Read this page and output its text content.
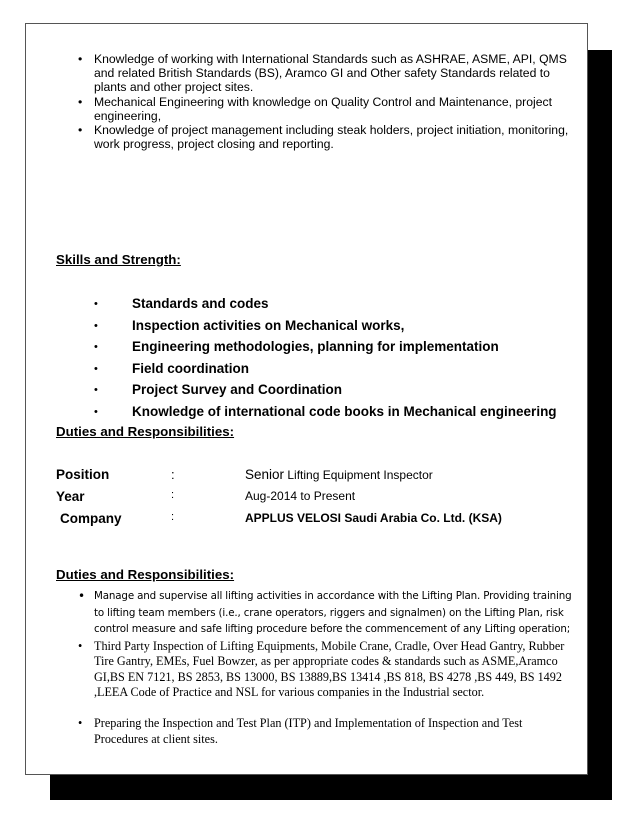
• Knowledge of working with International Standards such as ASHRAE, ASME, API, QMS and related British Standards (BS), Aramco GI and Other safety Standards related to plants and other project sites.
• Mechanical Engineering with knowledge on Quality Control and Maintenance, project engineering,
• Knowledge of project management including steak holders, project initiation, monitoring, work progress, project closing and reporting.
Skills and Strength:
•	Standards and codes
•	Inspection activities on Mechanical works,
•	Engineering methodologies, planning for implementation
•	Field coordination
•	Project Survey and Coordination
•	Knowledge of international code books in Mechanical engineering
Duties and Responsibilities:
Position	:	Senior Lifting Equipment Inspector
Year	:	Aug-2014 to Present
Company	:	APPLUS VELOSI Saudi Arabia Co. Ltd. (KSA)
Duties and Responsibilities:
• Manage and supervise all lifting activities in accordance with the Lifting Plan. Providing training to lifting team members (i.e., crane operators, riggers and signalmen) on the Lifting Plan, risk control measure and safe lifting procedure before the commencement of any Lifting operation;
• Third Party Inspection of Lifting Equipments, Mobile Crane, Cradle, Over Head Gantry, Rubber Tire Gantry, EMEs, Fuel Bowzer, as per appropriate codes & standards such as ASME,Aramco GI,BS EN 7121, BS 2853, BS 13000, BS 13889,BS 13414 ,BS 818, BS 4278 ,BS 449, BS 1492 ,LEEA Code of Practice and NSL for various companies in the Industrial sector.
• Preparing the Inspection and Test Plan (ITP) and Implementation of Inspection and Test Procedures at client sites.
